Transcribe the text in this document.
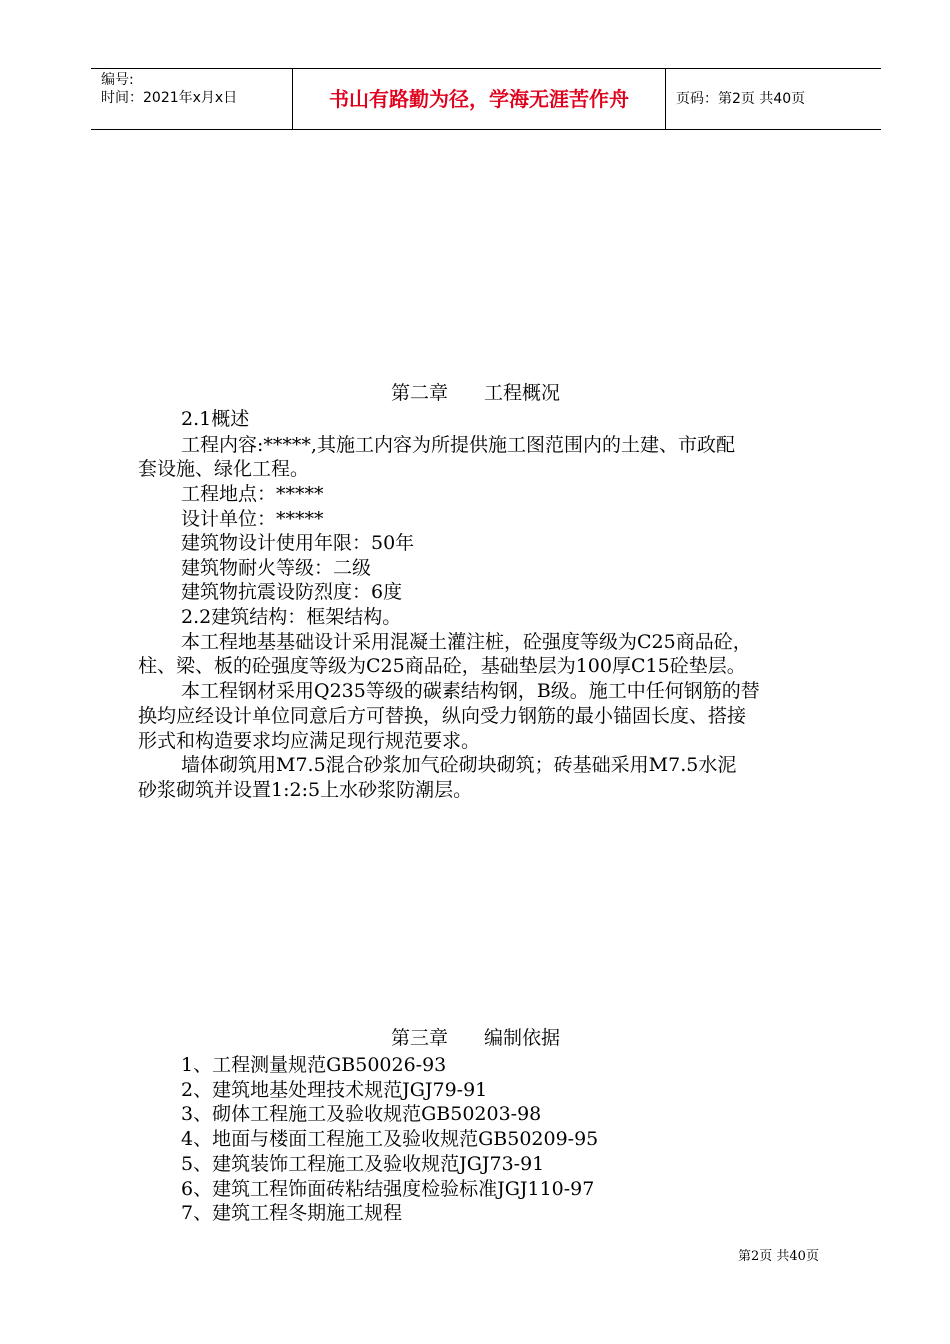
编号:
时间：2021年x月x日	书山有路勤为径，学海无涯苦作舟	页码：第2页 共40页
第二章 工程概况
2.1概述
工程内容:*****,其施工内容为所提供施工图范围内的土建、市政配
套设施、绿化工程。
工程地点：*****
设计单位：*****
建筑物设计使用年限：50年
建筑物耐火等级：二级
建筑物抗震设防烈度：6度
2.2建筑结构：框架结构。
本工程地基基础设计采用混凝土灌注桩，砼强度等级为C25商品砼，
柱、梁、板的砼强度等级为C25商品砼，基础垫层为100厚C15砼垫层。
本工程钢材采用Q235等级的碳素结构钢，B级。施工中任何钢筋的替
换均应经设计单位同意后方可替换，纵向受力钢筋的最小锚固长度、搭接
形式和构造要求均应满足现行规范要求。
墙体砌筑用M7.5混合砂浆加气砼砌块砌筑；砖基础采用M7.5水泥
砂浆砌筑并设置1:2:5上水砂浆防潮层。
第三章 编制依据
1、工程测量规范GB50026-93
2、建筑地基处理技术规范JGJ79-91
3、砌体工程施工及验收规范GB50203-98
4、地面与楼面工程施工及验收规范GB50209-95
5、建筑装饰工程施工及验收规范JGJ73-91
6、建筑工程饰面砖粘结强度检验标准JGJ110-97
7、建筑工程冬期施工规程
第2页 共40页
